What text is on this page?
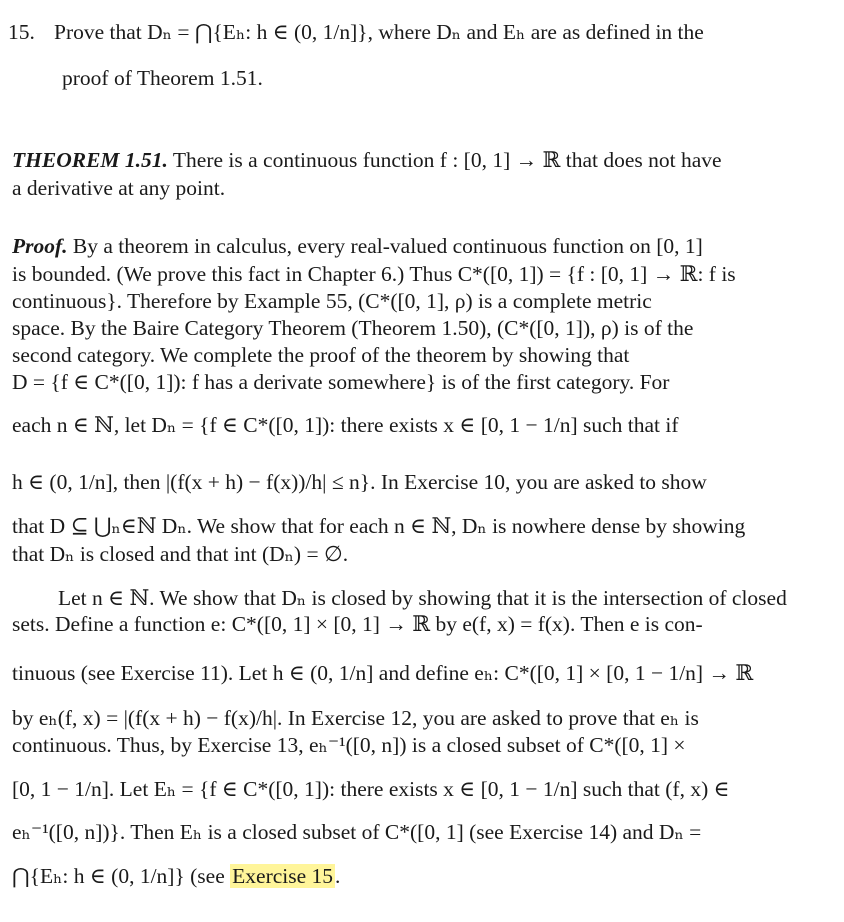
15. Prove that Dₙ = ⋂{Eₕ: h ∈ (0, 1/n]}, where Dₙ and Eₕ are as defined in the

proof of Theorem 1.51.

THEOREM 1.51. There is a continuous function f : [0, 1] → ℝ that does not have

a derivative at any point.

Proof. By a theorem in calculus, every real-valued continuous function on [0, 1]

is bounded. (We prove this fact in Chapter 6.) Thus C*([0, 1]) = {f : [0, 1] → ℝ: f is

continuous}. Therefore by Example 55, (C*([0, 1], ρ) is a complete metric

space. By the Baire Category Theorem (Theorem 1.50), (C*([0, 1]), ρ) is of the

second category. We complete the proof of the theorem by showing that

D = {f ∈ C*([0, 1]): f has a derivate somewhere} is of the first category. For

each n ∈ ℕ, let Dₙ = {f ∈ C*([0, 1]): there exists x ∈ [0, 1 − 1/n] such that if

h ∈ (0, 1/n], then |(f(x + h) − f(x))/h| ≤ n}. In Exercise 10, you are asked to show

that D ⊆ ⋃ₙ∈ℕ Dₙ. We show that for each n ∈ ℕ, Dₙ is nowhere dense by showing

that Dₙ is closed and that int (Dₙ) = ∅.

Let n ∈ ℕ. We show that Dₙ is closed by showing that it is the intersection of closed

sets. Define a function e: C*([0, 1] × [0, 1] → ℝ by e(f, x) = f(x). Then e is con-

tinuous (see Exercise 11). Let h ∈ (0, 1/n] and define eₕ: C*([0, 1] × [0, 1 − 1/n] → ℝ

by eₕ(f, x) = |(f(x + h) − f(x)/h|. In Exercise 12, you are asked to prove that eₕ is

continuous. Thus, by Exercise 13, eₕ⁻¹([0, n]) is a closed subset of C*([0, 1] ×

[0, 1 − 1/n]. Let Eₕ = {f ∈ C*([0, 1]): there exists x ∈ [0, 1 − 1/n] such that (f, x) ∈

eₕ⁻¹([0, n])}. Then Eₕ is a closed subset of C*([0, 1] (see Exercise 14) and Dₙ =

⋂{Eₕ: h ∈ (0, 1/n]} (see Exercise 15.
